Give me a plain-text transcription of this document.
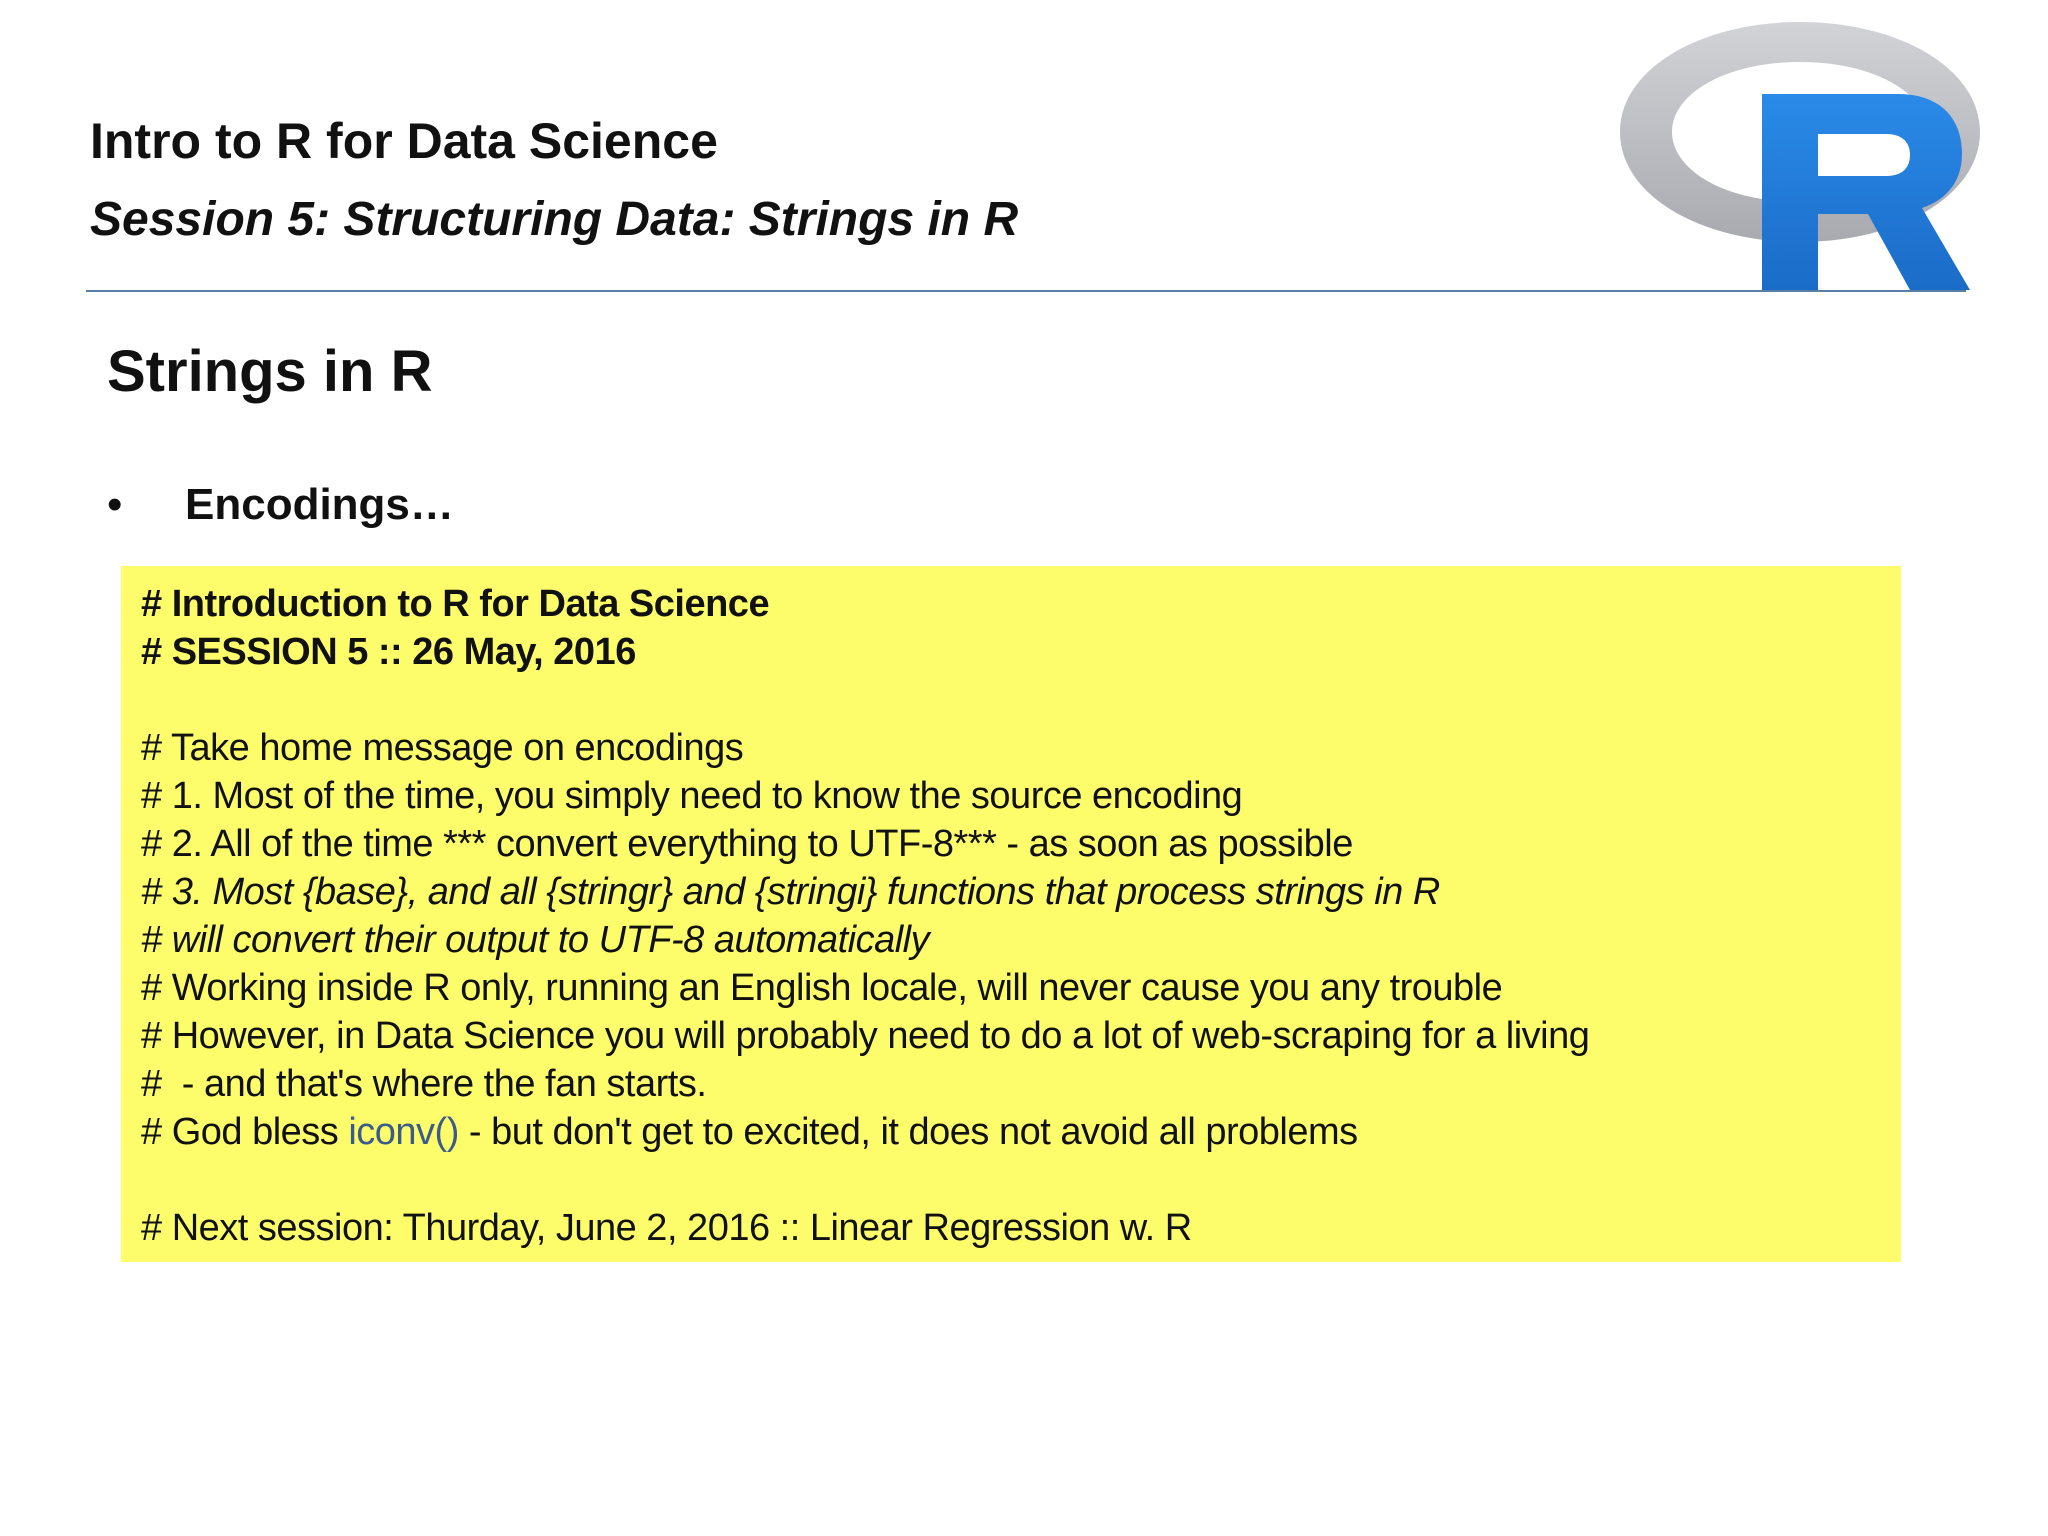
Intro to R for Data Science
Session 5: Structuring Data: Strings in R
R
Strings in R
• Encodings…
# Introduction to R for Data Science
# SESSION 5 :: 26 May, 2016
# Take home message on encodings
# 1. Most of the time, you simply need to know the source encoding
# 2. All of the time *** convert everything to UTF-8*** - as soon as possible
# 3. Most {base}, and all {stringr} and {stringi} functions that process strings in R
# will convert their output to UTF-8 automatically
# Working inside R only, running an English locale, will never cause you any trouble
# However, in Data Science you will probably need to do a lot of web-scraping for a living
#  - and that's where the fan starts.
# God bless iconv() - but don't get to excited, it does not avoid all problems
# Next session: Thurday, June 2, 2016 :: Linear Regression w. R
